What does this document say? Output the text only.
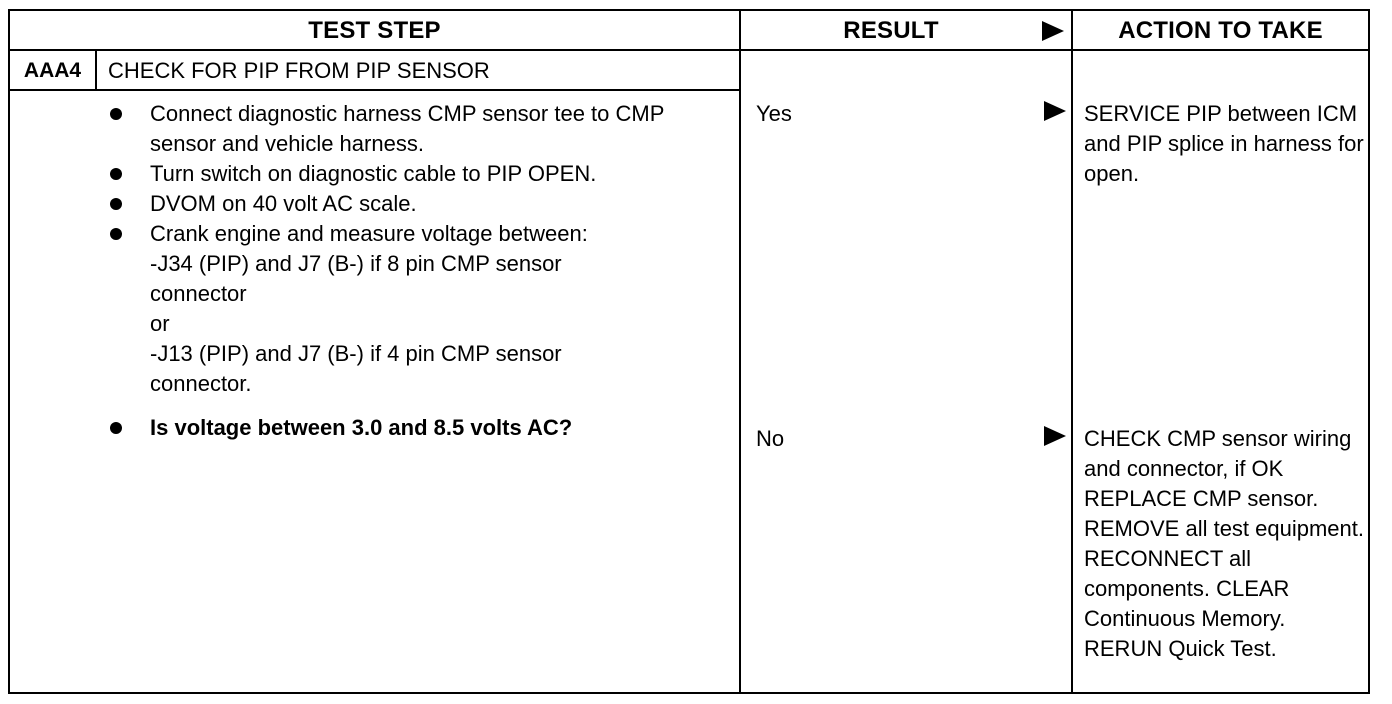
TEST STEP	RESULT	ACTION TO TAKE
AAA4	CHECK FOR PIP FROM PIP SENSOR
Connect diagnostic harness CMP sensor tee to CMP sensor and vehicle harness.
Turn switch on diagnostic cable to PIP OPEN.
DVOM on 40 volt AC scale.
Crank engine and measure voltage between:
-J34 (PIP) and J7 (B-) if 8 pin CMP sensor
connector
or
-J13 (PIP) and J7 (B-) if 4 pin CMP sensor
connector.
Is voltage between 3.0 and 8.5 volts AC?
Yes	SERVICE PIP between ICM and PIP splice in harness for open.
No	CHECK CMP sensor wiring and connector, if OK REPLACE CMP sensor. REMOVE all test equipment. RECONNECT all components. CLEAR Continuous Memory. RERUN Quick Test.
